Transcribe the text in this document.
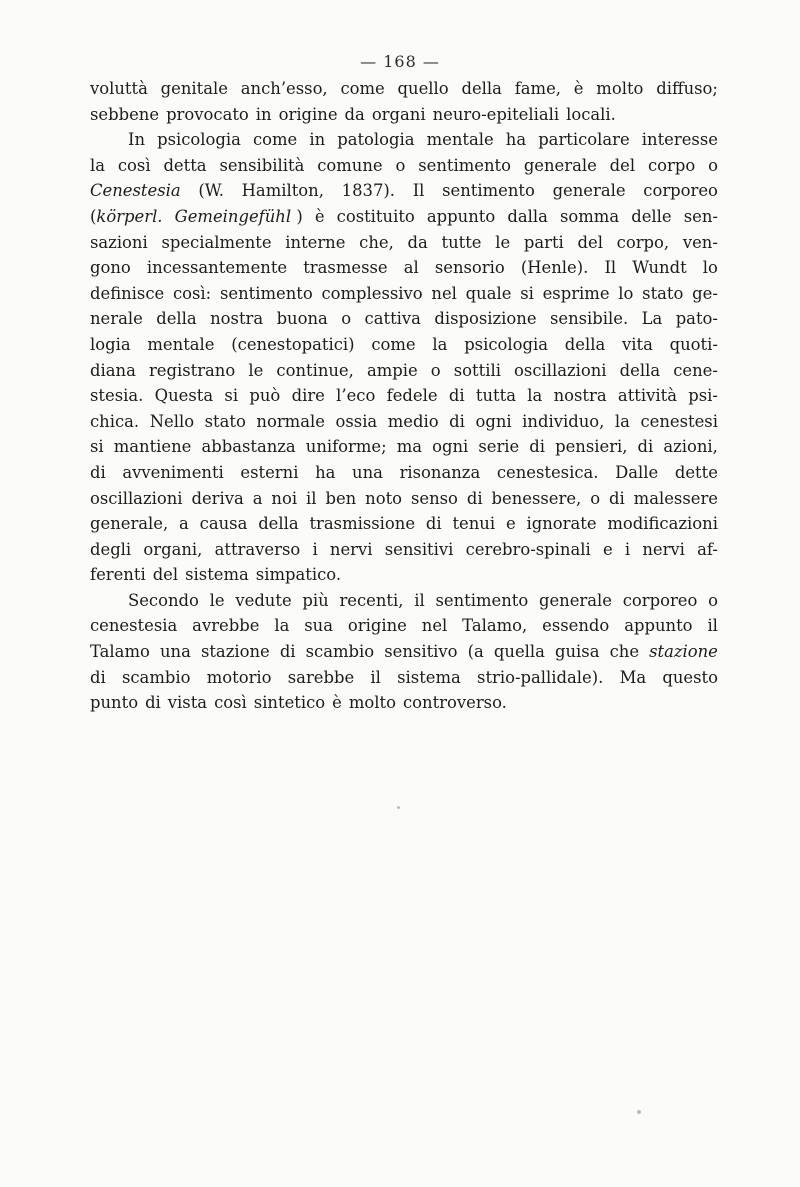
— 168 —
voluttà genitale anch’esso, come quello della fame, è molto diffuso;
sebbene provocato in origine da organi neuro-epiteliali locali.
In psicologia come in patologia mentale ha particolare interesse
la così detta sensibilità comune o sentimento generale del corpo o
Cenestesia (W. Hamilton, 1837). Il sentimento generale corporeo
(körperl. Gemeingefühl ) è costituito appunto dalla somma delle sen-
sazioni specialmente interne che, da tutte le parti del corpo, ven-
gono incessantemente trasmesse al sensorio (Henle). Il Wundt lo
definisce così: sentimento complessivo nel quale si esprime lo stato ge-
nerale della nostra buona o cattiva disposizione sensibile. La pato-
logia mentale (cenestopatici) come la psicologia della vita quoti-
diana registrano le continue, ampie o sottili oscillazioni della cene-
stesia. Questa si può dire l’eco fedele di tutta la nostra attività psi-
chica. Nello stato normale ossia medio di ogni individuo, la cenestesi
si mantiene abbastanza uniforme; ma ogni serie di pensieri, di azioni,
di avvenimenti esterni ha una risonanza cenestesica. Dalle dette
oscillazioni deriva a noi il ben noto senso di benessere, o di malessere
generale, a causa della trasmissione di tenui e ignorate modificazioni
degli organi, attraverso i nervi sensitivi cerebro-spinali e i nervi af-
ferenti del sistema simpatico.
Secondo le vedute più recenti, il sentimento generale corporeo o
cenestesia avrebbe la sua origine nel Talamo, essendo appunto il
Talamo una stazione di scambio sensitivo (a quella guisa che stazione
di scambio motorio sarebbe il sistema strio-pallidale). Ma questo
punto di vista così sintetico è molto controverso.
